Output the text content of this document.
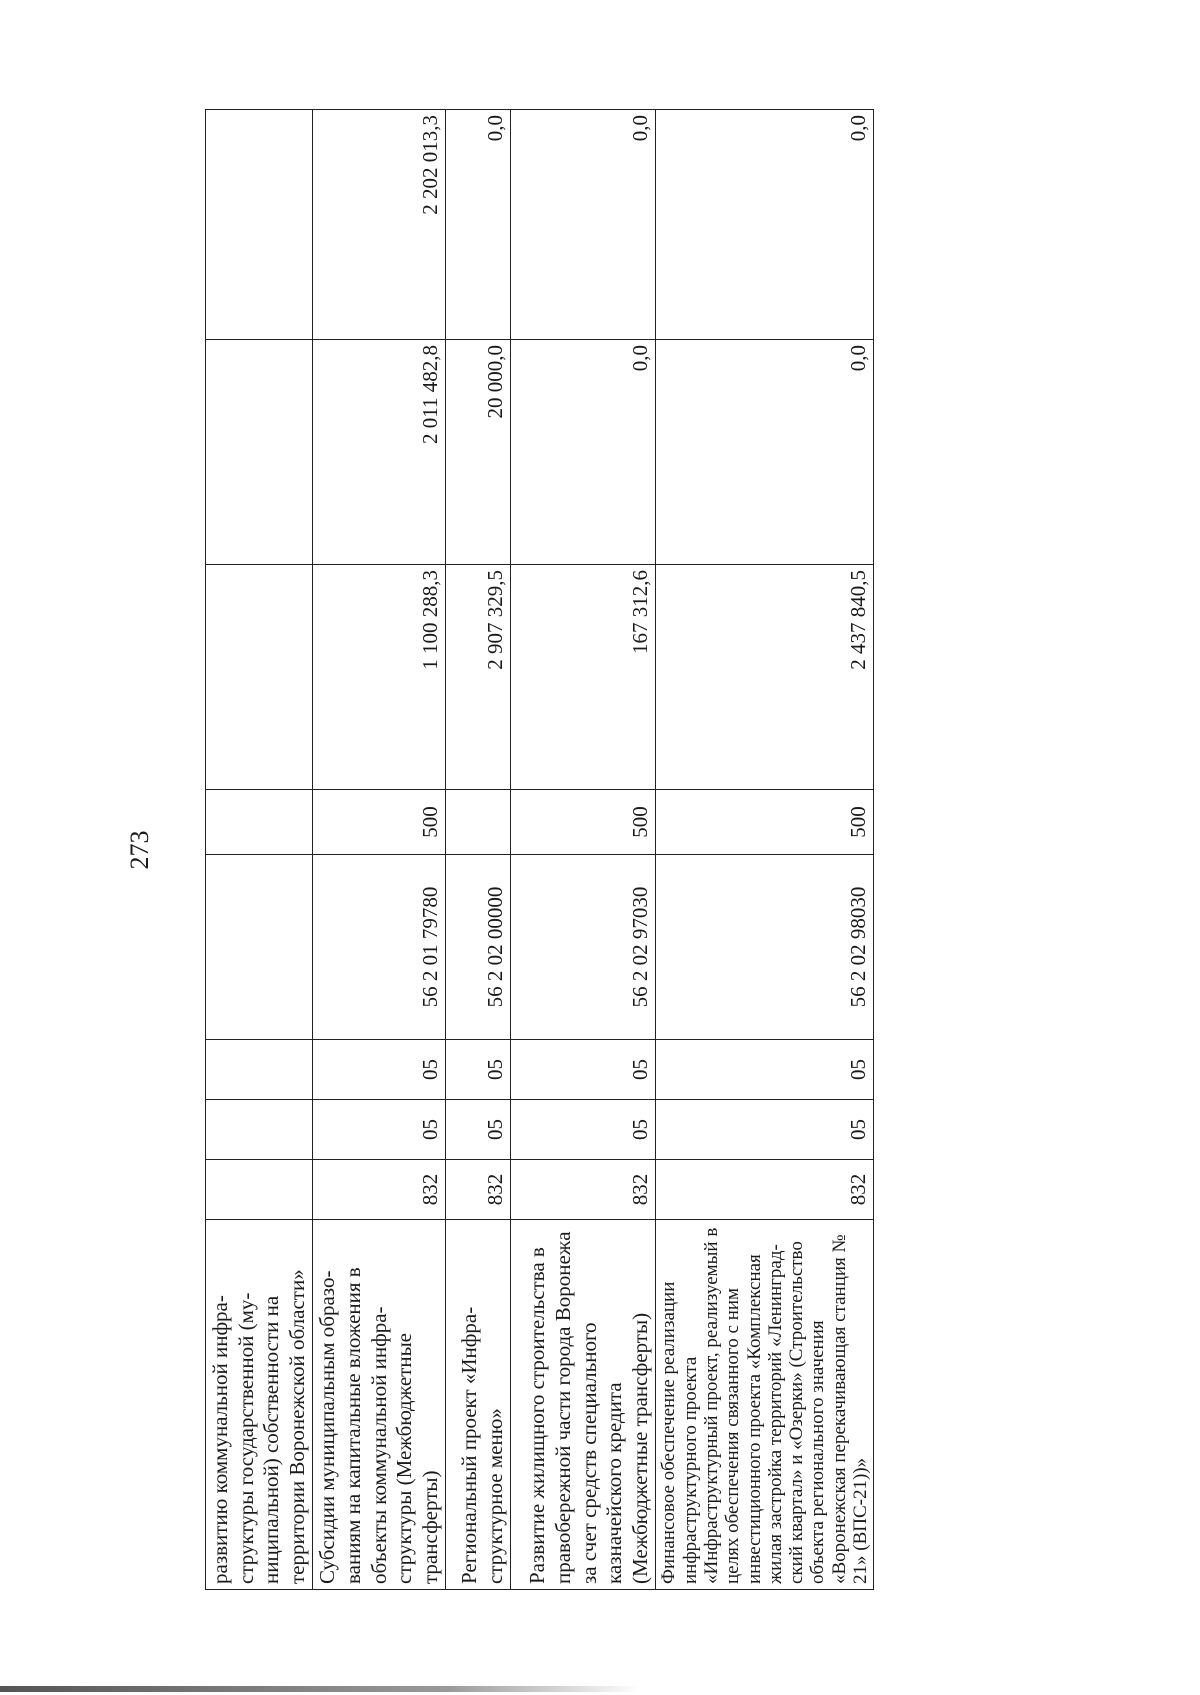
273
развитию коммунальной инфраструктуры государственной (муниципальной) собственности на территории Воронежской области»								
Субсидии муниципальным образованиям на капитальные вложения в объекты коммунальной инфраструктуры (Межбюджетные трансферты)	832	05	05	56 2 01 79780	500	1 100 288,3	2 011 482,8	2 202 013,3
Региональный проект «Инфраструктурное меню»	832	05	05	56 2 02 00000		2 907 329,5	20 000,0	0,0
Развитие жилищного строительства в правобережной части города Воронежа за счет средств специального казначейского кредита (Межбюджетные трансферты)	832	05	05	56 2 02 97030	500	167 312,6	0,0	0,0
Финансовое обеспечение реализации инфраструктурного проекта «Инфраструктурный проект, реализуемый в целях обеспечения связанного с ним инвестиционного проекта «Комплексная жилая застройка территорий «Ленинградский квартал» и «Озерки» (Строительство объекта регионального значения «Воронежская перекачивающая станция № 21» (ВПС-21))»	832	05	05	56 2 02 98030	500	2 437 840,5	0,0	0,0
